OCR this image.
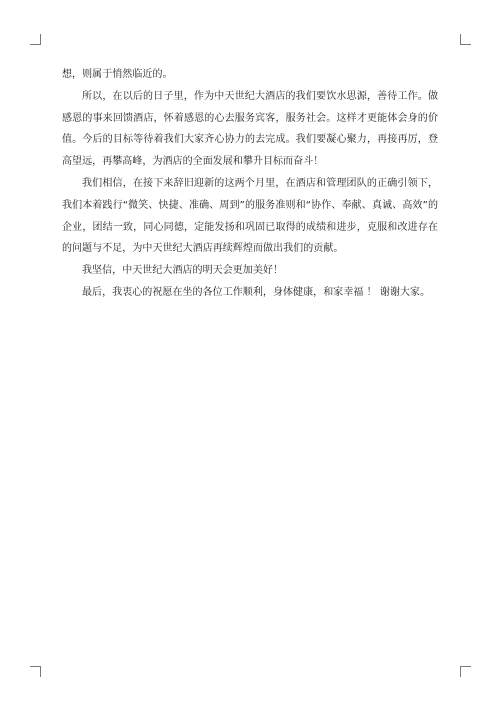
想，则属于悄然临近的。

所以，在以后的日子里，作为中天世纪大酒店的我们要饮水思源，善待工作。做感恩的事来回馈酒店，怀着感恩的心去服务宾客，服务社会。这样才更能体会身的价值。今后的目标等待着我们大家齐心协力的去完成。我们要凝心聚力，再接再厉，登高望远，再攀高峰，为酒店的全面发展和攀升目标而奋斗！

我们相信，在接下来辞旧迎新的这两个月里，在酒店和管理团队的正确引领下，我们本着践行“微笑、快捷、准确、周到”的服务准则和“协作、奉献、真诚、高效”的企业，团结一致，同心同德，定能发扬和巩固已取得的成绩和进步，克服和改进存在的问题与不足，为中天世纪大酒店再续辉煌而做出我们的贡献。

我坚信，中天世纪大酒店的明天会更加美好！

最后，我衷心的祝愿在坐的各位工作顺利，身体健康，和家幸福 ！ 谢谢大家。
